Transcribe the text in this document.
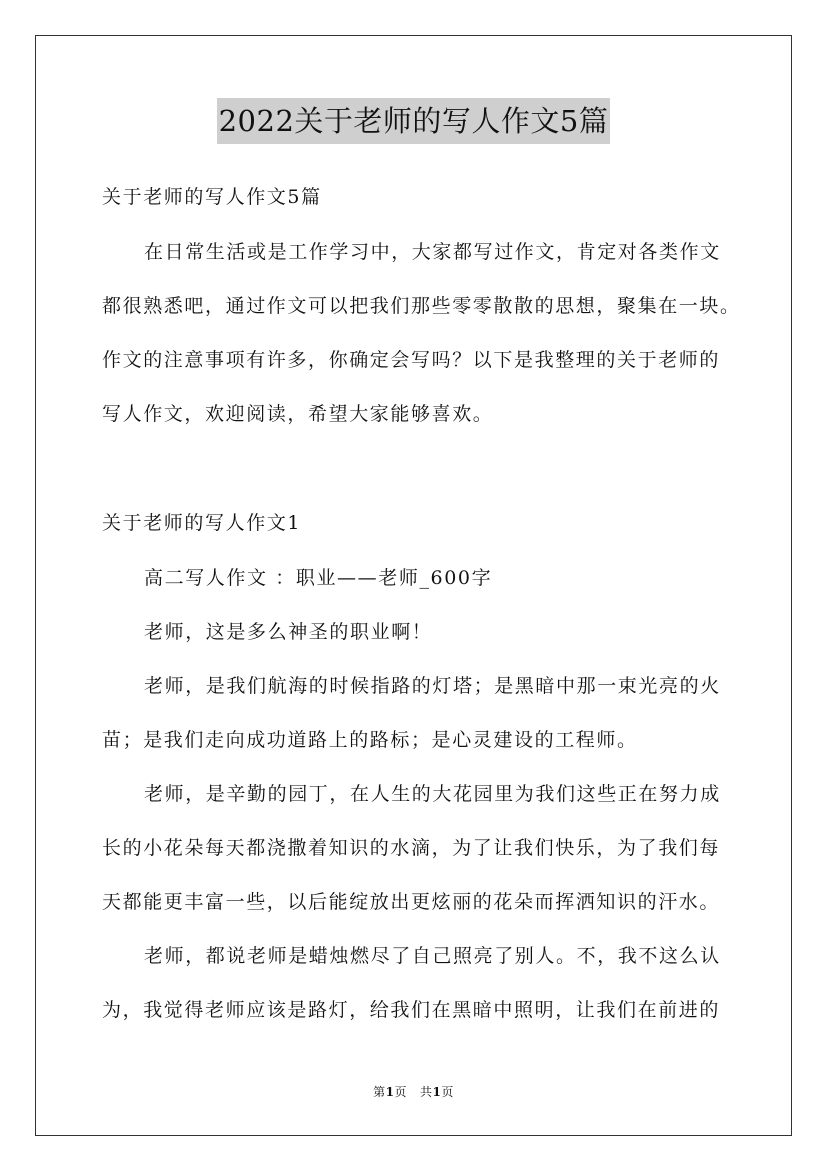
2022关于老师的写人作文5篇
关于老师的写人作文5篇
在日常生活或是工作学习中，大家都写过作文，肯定对各类作文
都很熟悉吧，通过作文可以把我们那些零零散散的思想，聚集在一块。
作文的注意事项有许多，你确定会写吗？以下是我整理的关于老师的
写人作文，欢迎阅读，希望大家能够喜欢。
关于老师的写人作文1
高二写人作文 ：职业——老师_600字
老师，这是多么神圣的职业啊！
老师，是我们航海的时候指路的灯塔；是黑暗中那一束光亮的火
苗；是我们走向成功道路上的路标；是心灵建设的工程师。
老师，是辛勤的园丁，在人生的大花园里为我们这些正在努力成
长的小花朵每天都浇撒着知识的水滴，为了让我们快乐，为了我们每
天都能更丰富一些，以后能绽放出更炫丽的花朵而挥洒知识的汗水。
老师，都说老师是蜡烛燃尽了自己照亮了别人。不，我不这么认
为，我觉得老师应该是路灯，给我们在黑暗中照明，让我们在前进的
第1页 共1页
